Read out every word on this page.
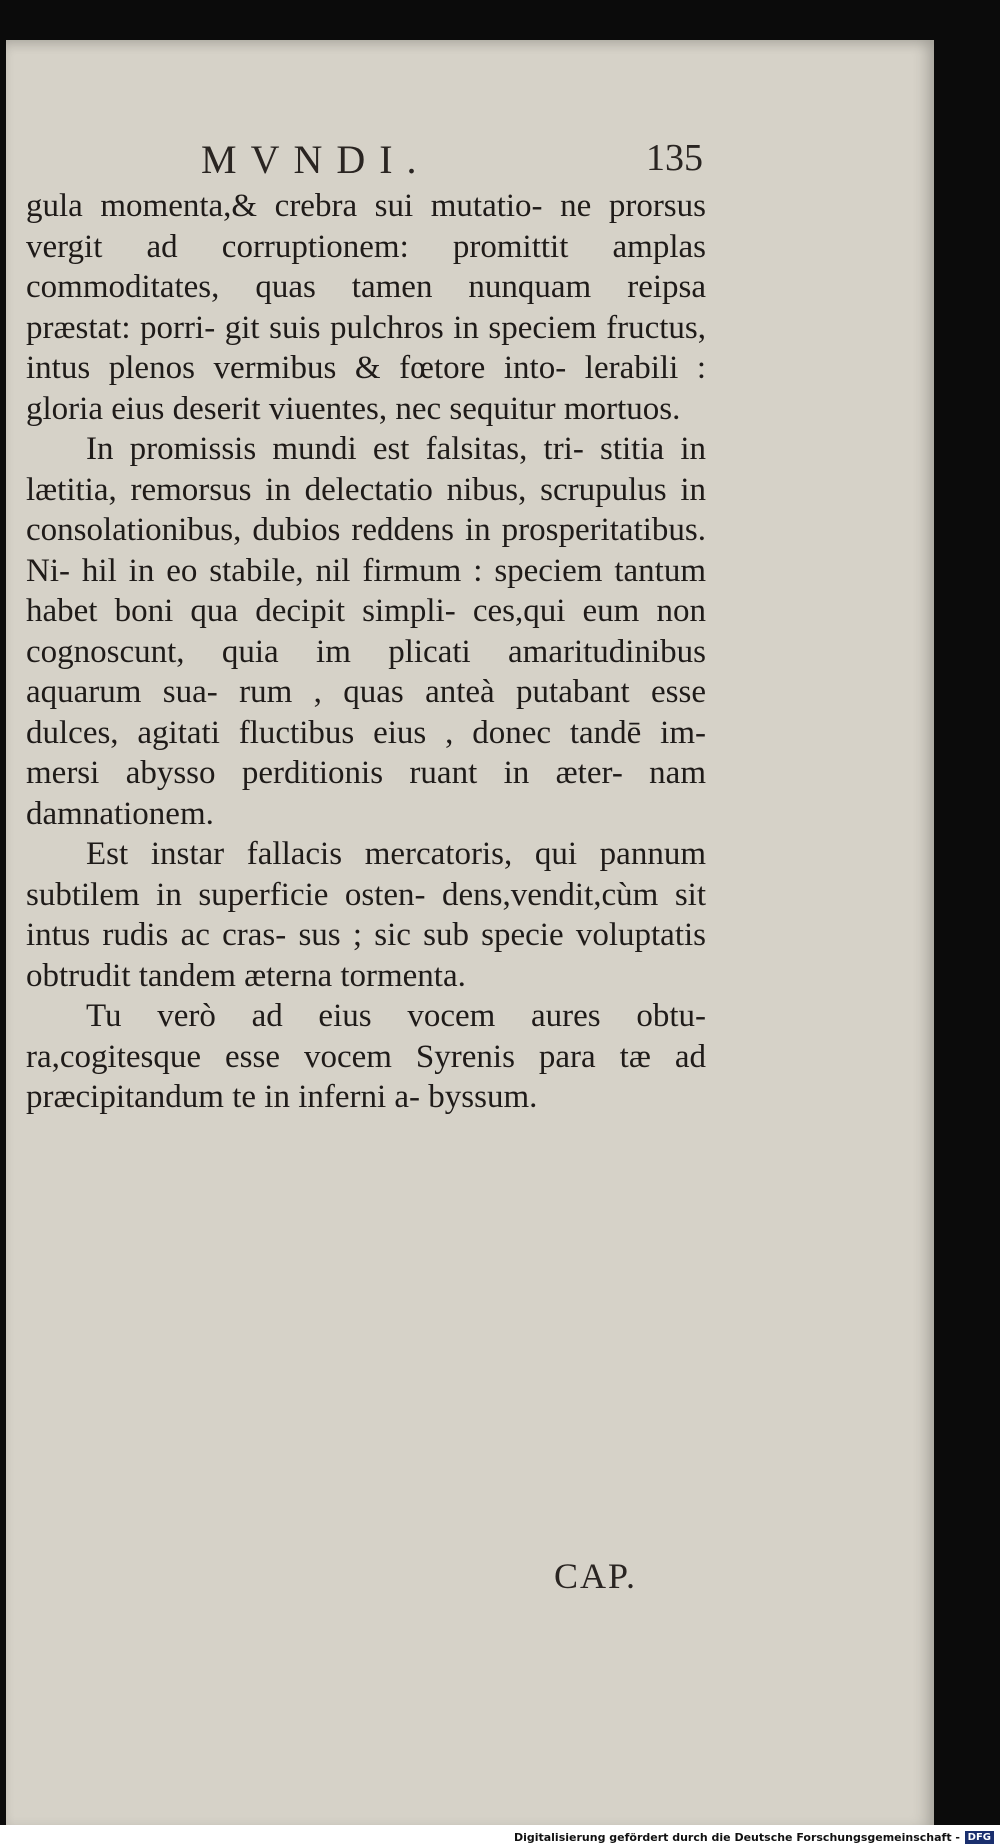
MVNDI.	135

gula momenta,& crebra sui mutatio- ne prorsus vergit ad corruptionem: promittit amplas commoditates, quas tamen nunquam reipsa præstat: porri- git suis pulchros in speciem fructus, intus plenos vermibus & fœtore into- lerabili : gloria eius deserit viuentes, nec sequitur mortuos.

In promissis mundi est falsitas, tri- stitia in lætitia, remorsus in delectatio nibus, scrupulus in consolationibus, dubios reddens in prosperitatibus. Ni- hil in eo stabile, nil firmum : speciem tantum habet boni qua decipit simpli- ces,qui eum non cognoscunt, quia im plicati amaritudinibus aquarum sua- rum , quas anteà putabant esse dulces, agitati fluctibus eius , donec tandē im- mersi abysso perditionis ruant in æter- nam damnationem.

Est instar fallacis mercatoris, qui pannum subtilem in superficie osten- dens,vendit,cùm sit intus rudis ac cras- sus ; sic sub specie voluptatis obtrudit tandem æterna tormenta.

Tu verò ad eius vocem aures obtu- ra,cogitesque esse vocem Syrenis para tæ ad præcipitandum te in inferni a- byssum.

CAP.
Digitalisierung gefördert durch die Deutsche Forschungsgemeinschaft - DFG
